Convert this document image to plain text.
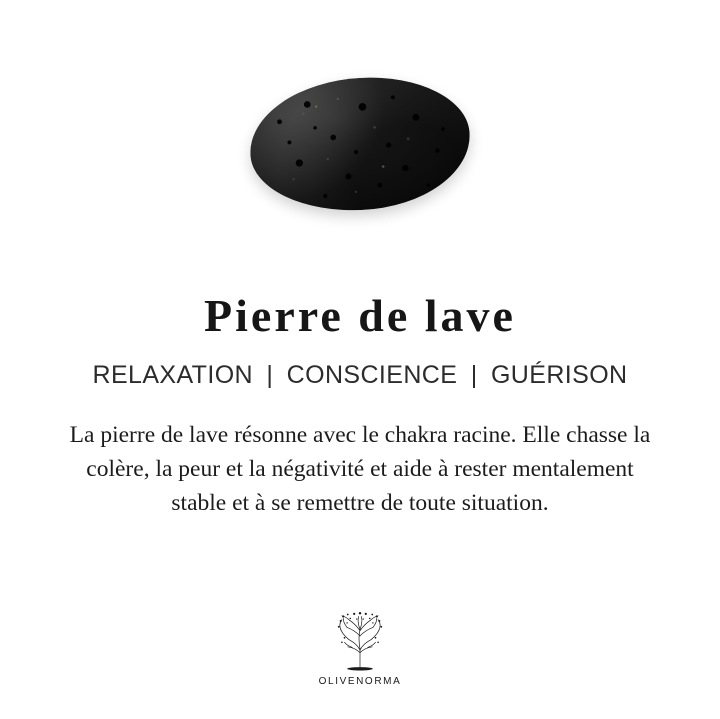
Pierre de lave
RELAXATION | CONSCIENCE | GUÉRISON
La pierre de lave résonne avec le chakra racine. Elle chasse la colère, la peur et la négativité et aide à rester mentalement stable et à se remettre de toute situation.
OLIVENORMA
